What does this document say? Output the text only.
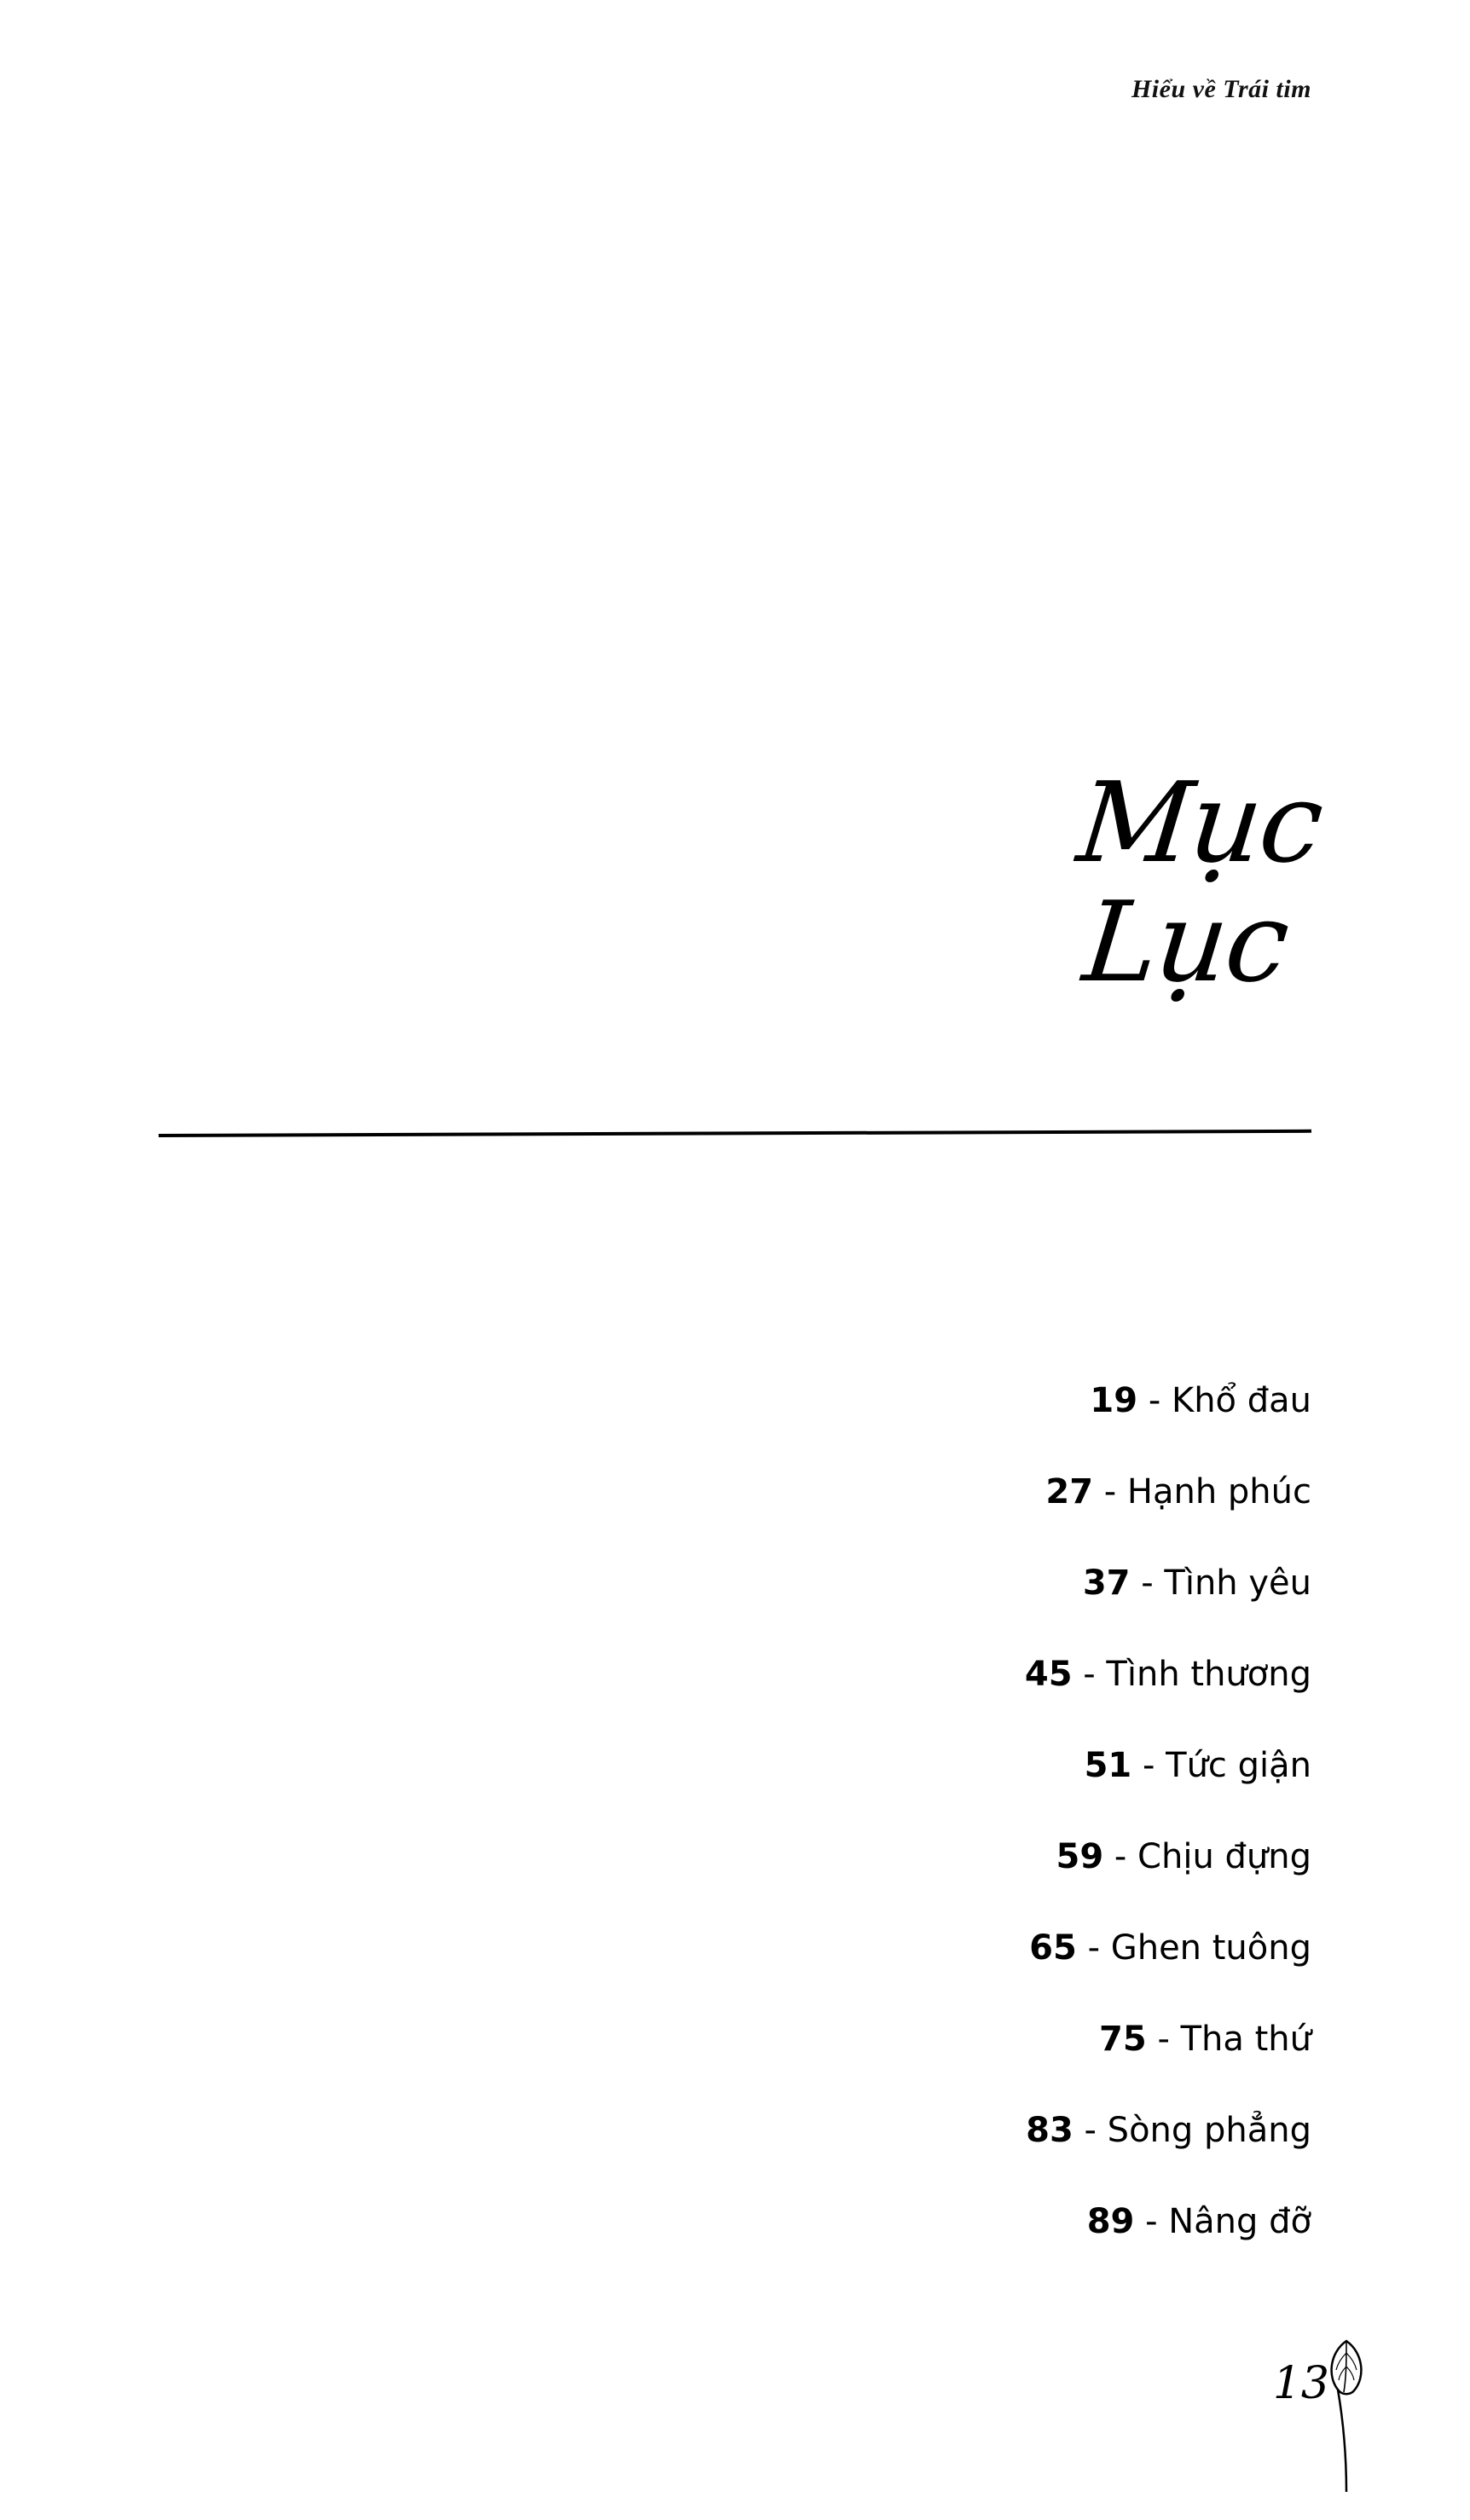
Hiểu về Trái tim
Mục
Lục
19 - Khổ đau
27 - Hạnh phúc
37 - Tình yêu
45 - Tình thương
51 - Tức giận
59 - Chịu đựng
65 - Ghen tuông
75 - Tha thứ
83 - Sòng phẳng
89 - Nâng đỡ
13
